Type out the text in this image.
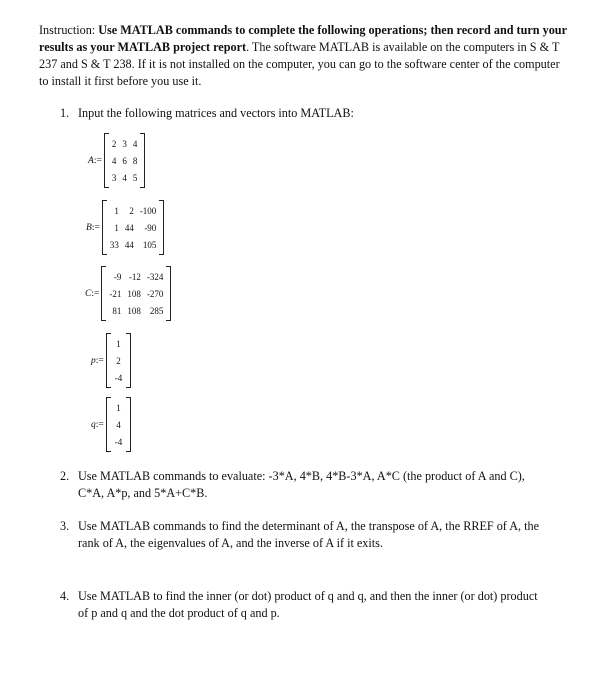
Instruction: Use MATLAB commands to complete the following operations; then record and turn your results as your MATLAB project report. The software MATLAB is available on the computers in S & T 237 and S & T 238. If it is not installed on the computer, you can go to the software center of the computer to install it first before you use it.
1. Input the following matrices and vectors into MATLAB:
A:=
2	3	4
4	6	8
3	4	5
B:=
1	2	-100
1	44	-90
33	44	105
C:=
-9	-12	-324
-21	108	-270
81	108	285
p:=
1
2
-4
q:=
1
4
-4
2. Use MATLAB commands to evaluate: -3*A, 4*B, 4*B-3*A, A*C (the product of A and C), C*A, A*p, and 5*A+C*B.
3. Use MATLAB commands to find the determinant of A, the transpose of A, the RREF of A, the rank of A, the eigenvalues of A, and the inverse of A if it exits.
4. Use MATLAB to find the inner (or dot) product of q and q, and then the inner (or dot) product of p and q and the dot product of q and p.
